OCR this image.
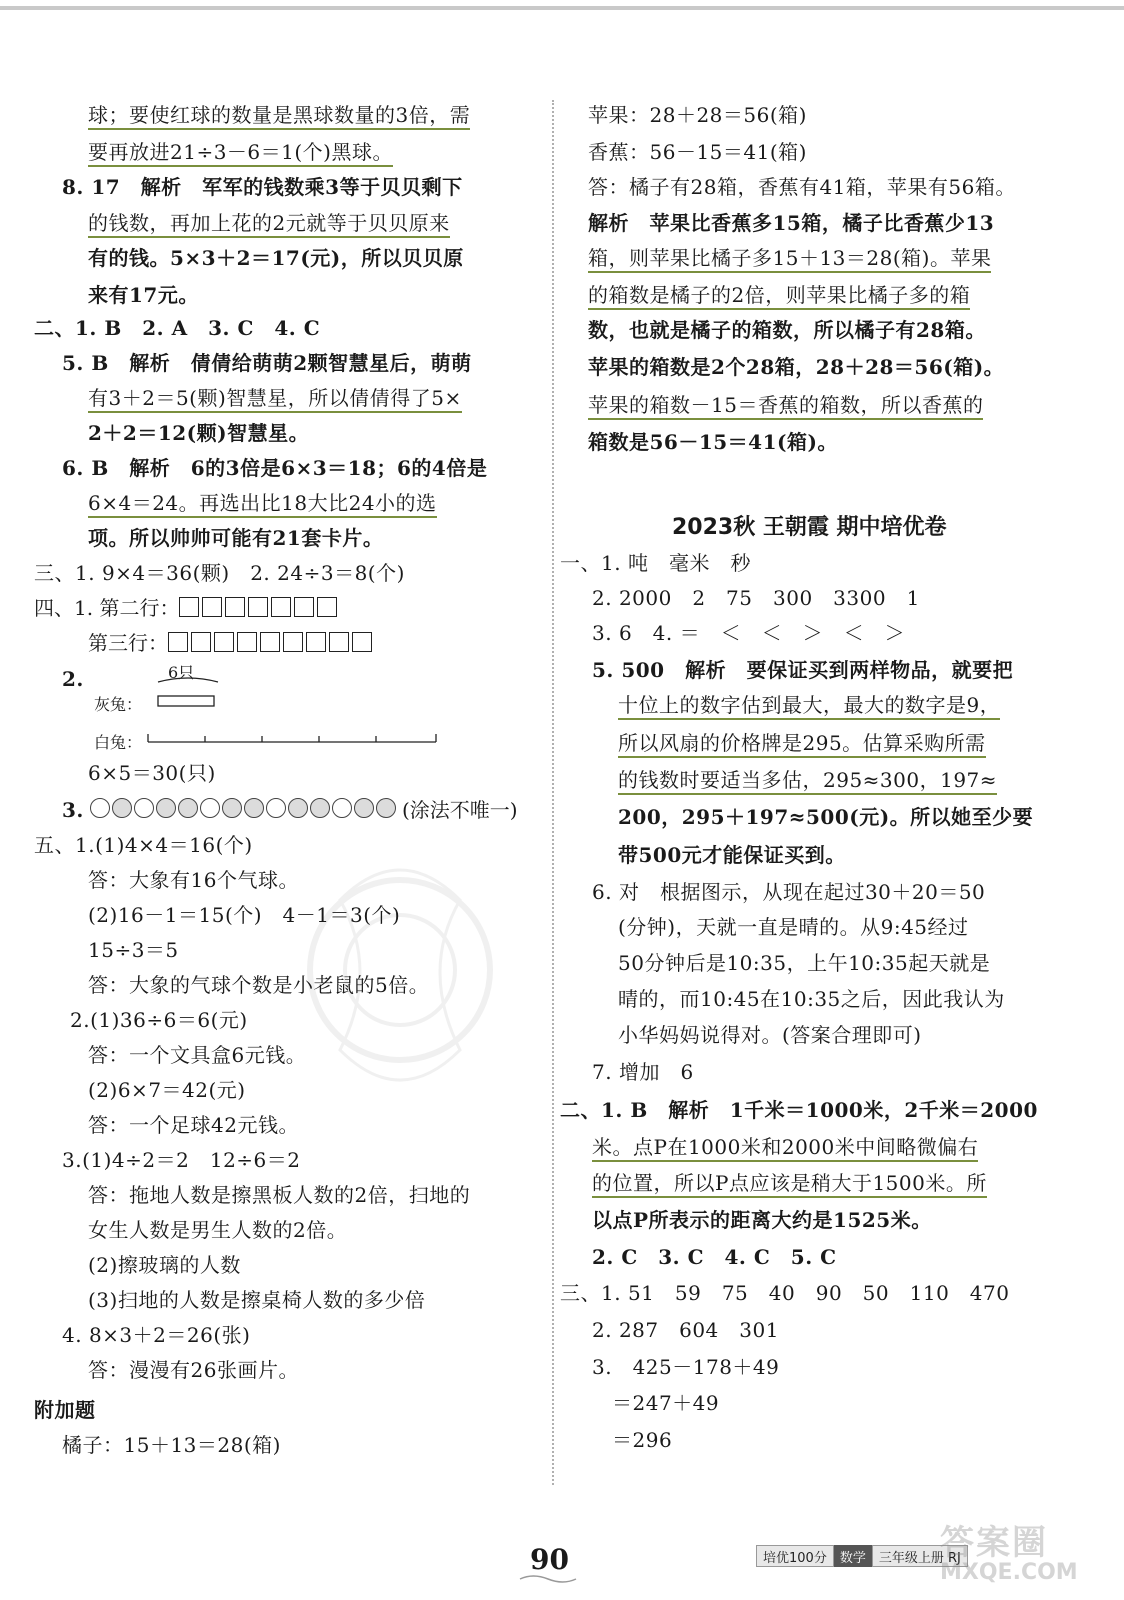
球；要使红球的数量是黑球数量的3倍，需
要再放进21÷3－6＝1(个)黑球。
8. 17　解析　军军的钱数乘3等于贝贝剩下
的钱数，再加上花的2元就等于贝贝原来
有的钱。5×3＋2＝17(元)，所以贝贝原
来有17元。
二、1. B　2. A　3. C　4. C
5. B　解析　倩倩给萌萌2颗智慧星后，萌萌
有3＋2＝5(颗)智慧星，所以倩倩得了5×
2＋2＝12(颗)智慧星。
6. B　解析　6的3倍是6×3＝18；6的4倍是
6×4＝24。再选出比18大比24小的选
项。所以帅帅可能有21套卡片。
三、1. 9×4＝36(颗)　2. 24÷3＝8(个)
四、1. 第二行：
第三行：
2.	6只
灰兔：
白兔：
6×5＝30(只)
3.	(涂法不唯一)
五、1.(1)4×4＝16(个)
答：大象有16个气球。
(2)16－1＝15(个)　4－1＝3(个)
15÷3＝5
答：大象的气球个数是小老鼠的5倍。
2.(1)36÷6＝6(元)
答：一个文具盒6元钱。
(2)6×7＝42(元)
答：一个足球42元钱。
3.(1)4÷2＝2　12÷6＝2
答：拖地人数是擦黑板人数的2倍，扫地的
女生人数是男生人数的2倍。
(2)擦玻璃的人数
(3)扫地的人数是擦桌椅人数的多少倍
4. 8×3＋2＝26(张)
答：漫漫有26张画片。
附加题
橘子：15＋13＝28(箱)
苹果：28＋28＝56(箱)
香蕉：56－15＝41(箱)
答：橘子有28箱，香蕉有41箱，苹果有56箱。
解析　苹果比香蕉多15箱，橘子比香蕉少13
箱，则苹果比橘子多15＋13＝28(箱)。苹果
的箱数是橘子的2倍，则苹果比橘子多的箱
数，也就是橘子的箱数，所以橘子有28箱。
苹果的箱数是2个28箱，28＋28＝56(箱)。
苹果的箱数－15＝香蕉的箱数，所以香蕉的
箱数是56－15＝41(箱)。
2023秋 王朝霞 期中培优卷
一、1. 吨　毫米　秒
2. 2000　2　75　300　3300　1
3. 6　4. ＝　＜　＜　＞　＜　＞
5. 500　解析　要保证买到两样物品，就要把
十位上的数字估到最大，最大的数字是9，
所以风扇的价格牌是295。估算采购所需
的钱数时要适当多估，295≈300，197≈
200，295＋197≈500(元)。所以她至少要
带500元才能保证买到。
6. 对　根据图示，从现在起过30＋20＝50
(分钟)，天就一直是晴的。从9:45经过
50分钟后是10:35，上午10:35起天就是
晴的，而10:45在10:35之后，因此我认为
小华妈妈说得对。(答案合理即可)
7. 增加　6
二、1. B　解析　1千米＝1000米，2千米＝2000
米。点P在1000米和2000米中间略微偏右
的位置，所以P点应该是稍大于1500米。所
以点P所表示的距离大约是1525米。
2. C　3. C　4. C　5. C
三、1. 51　59　75　40　90　50　110　470
2. 287　604　301
3.　425－178＋49
＝247＋49
＝296
90	培优100分	数学	三年级上册 RJ
答案圈
MXQE.COM
